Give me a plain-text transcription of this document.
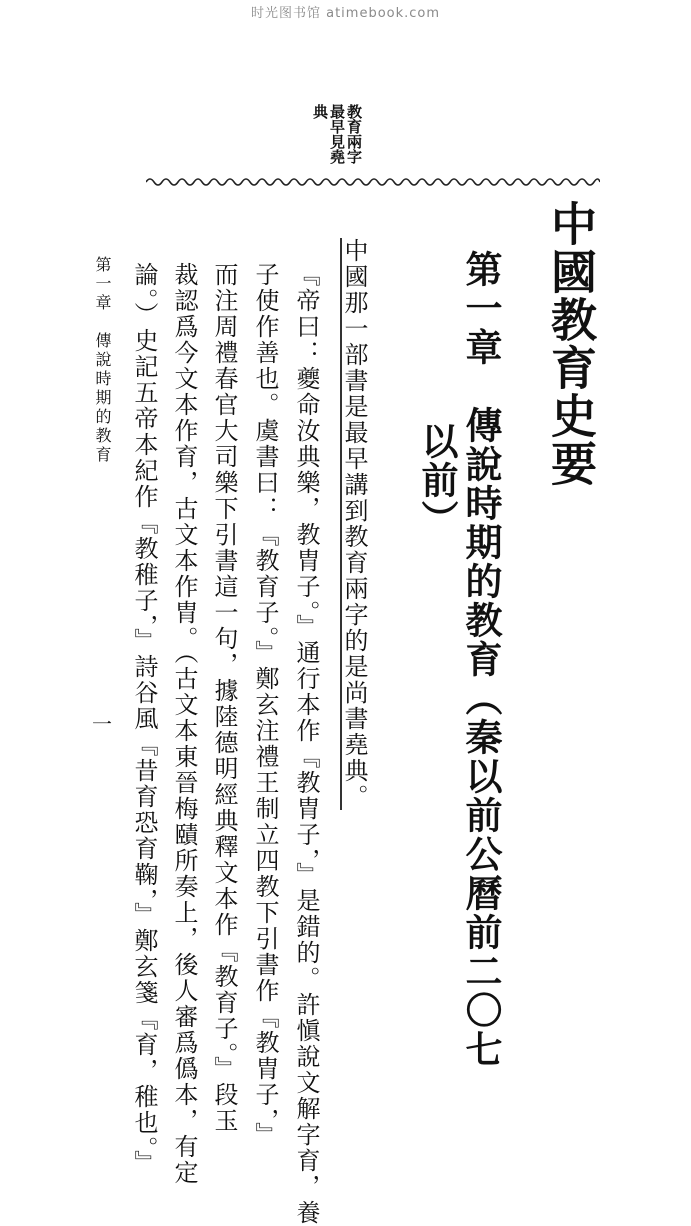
时光图书馆 atimebook.com
教育兩字
最早見堯
典
中國教育史要
第一章　傳說時期的教育（秦以前公曆前二〇七
以前）
中國那一部書是最早講到教育兩字的是尚書堯典。
『帝曰：夔命汝典樂，教胄子。』通行本作『教胄子，』是錯的。許愼說文解字育，養
子使作善也。虞書曰：『教育子。』鄭玄注禮王制立四教下引書作『教胄子，』
而注周禮春官大司樂下引書這一句，據陸德明經典釋文本作『教育子。』段玉
裁認爲今文本作育，古文本作胄。（古文本東晉梅賾所奏上，後人審爲僞本，有定
論。）史記五帝本紀作『教稚子，』詩谷風『昔育恐育鞠，』鄭玄箋『育，稚也。』
第一章　傳說時期的教育
一
